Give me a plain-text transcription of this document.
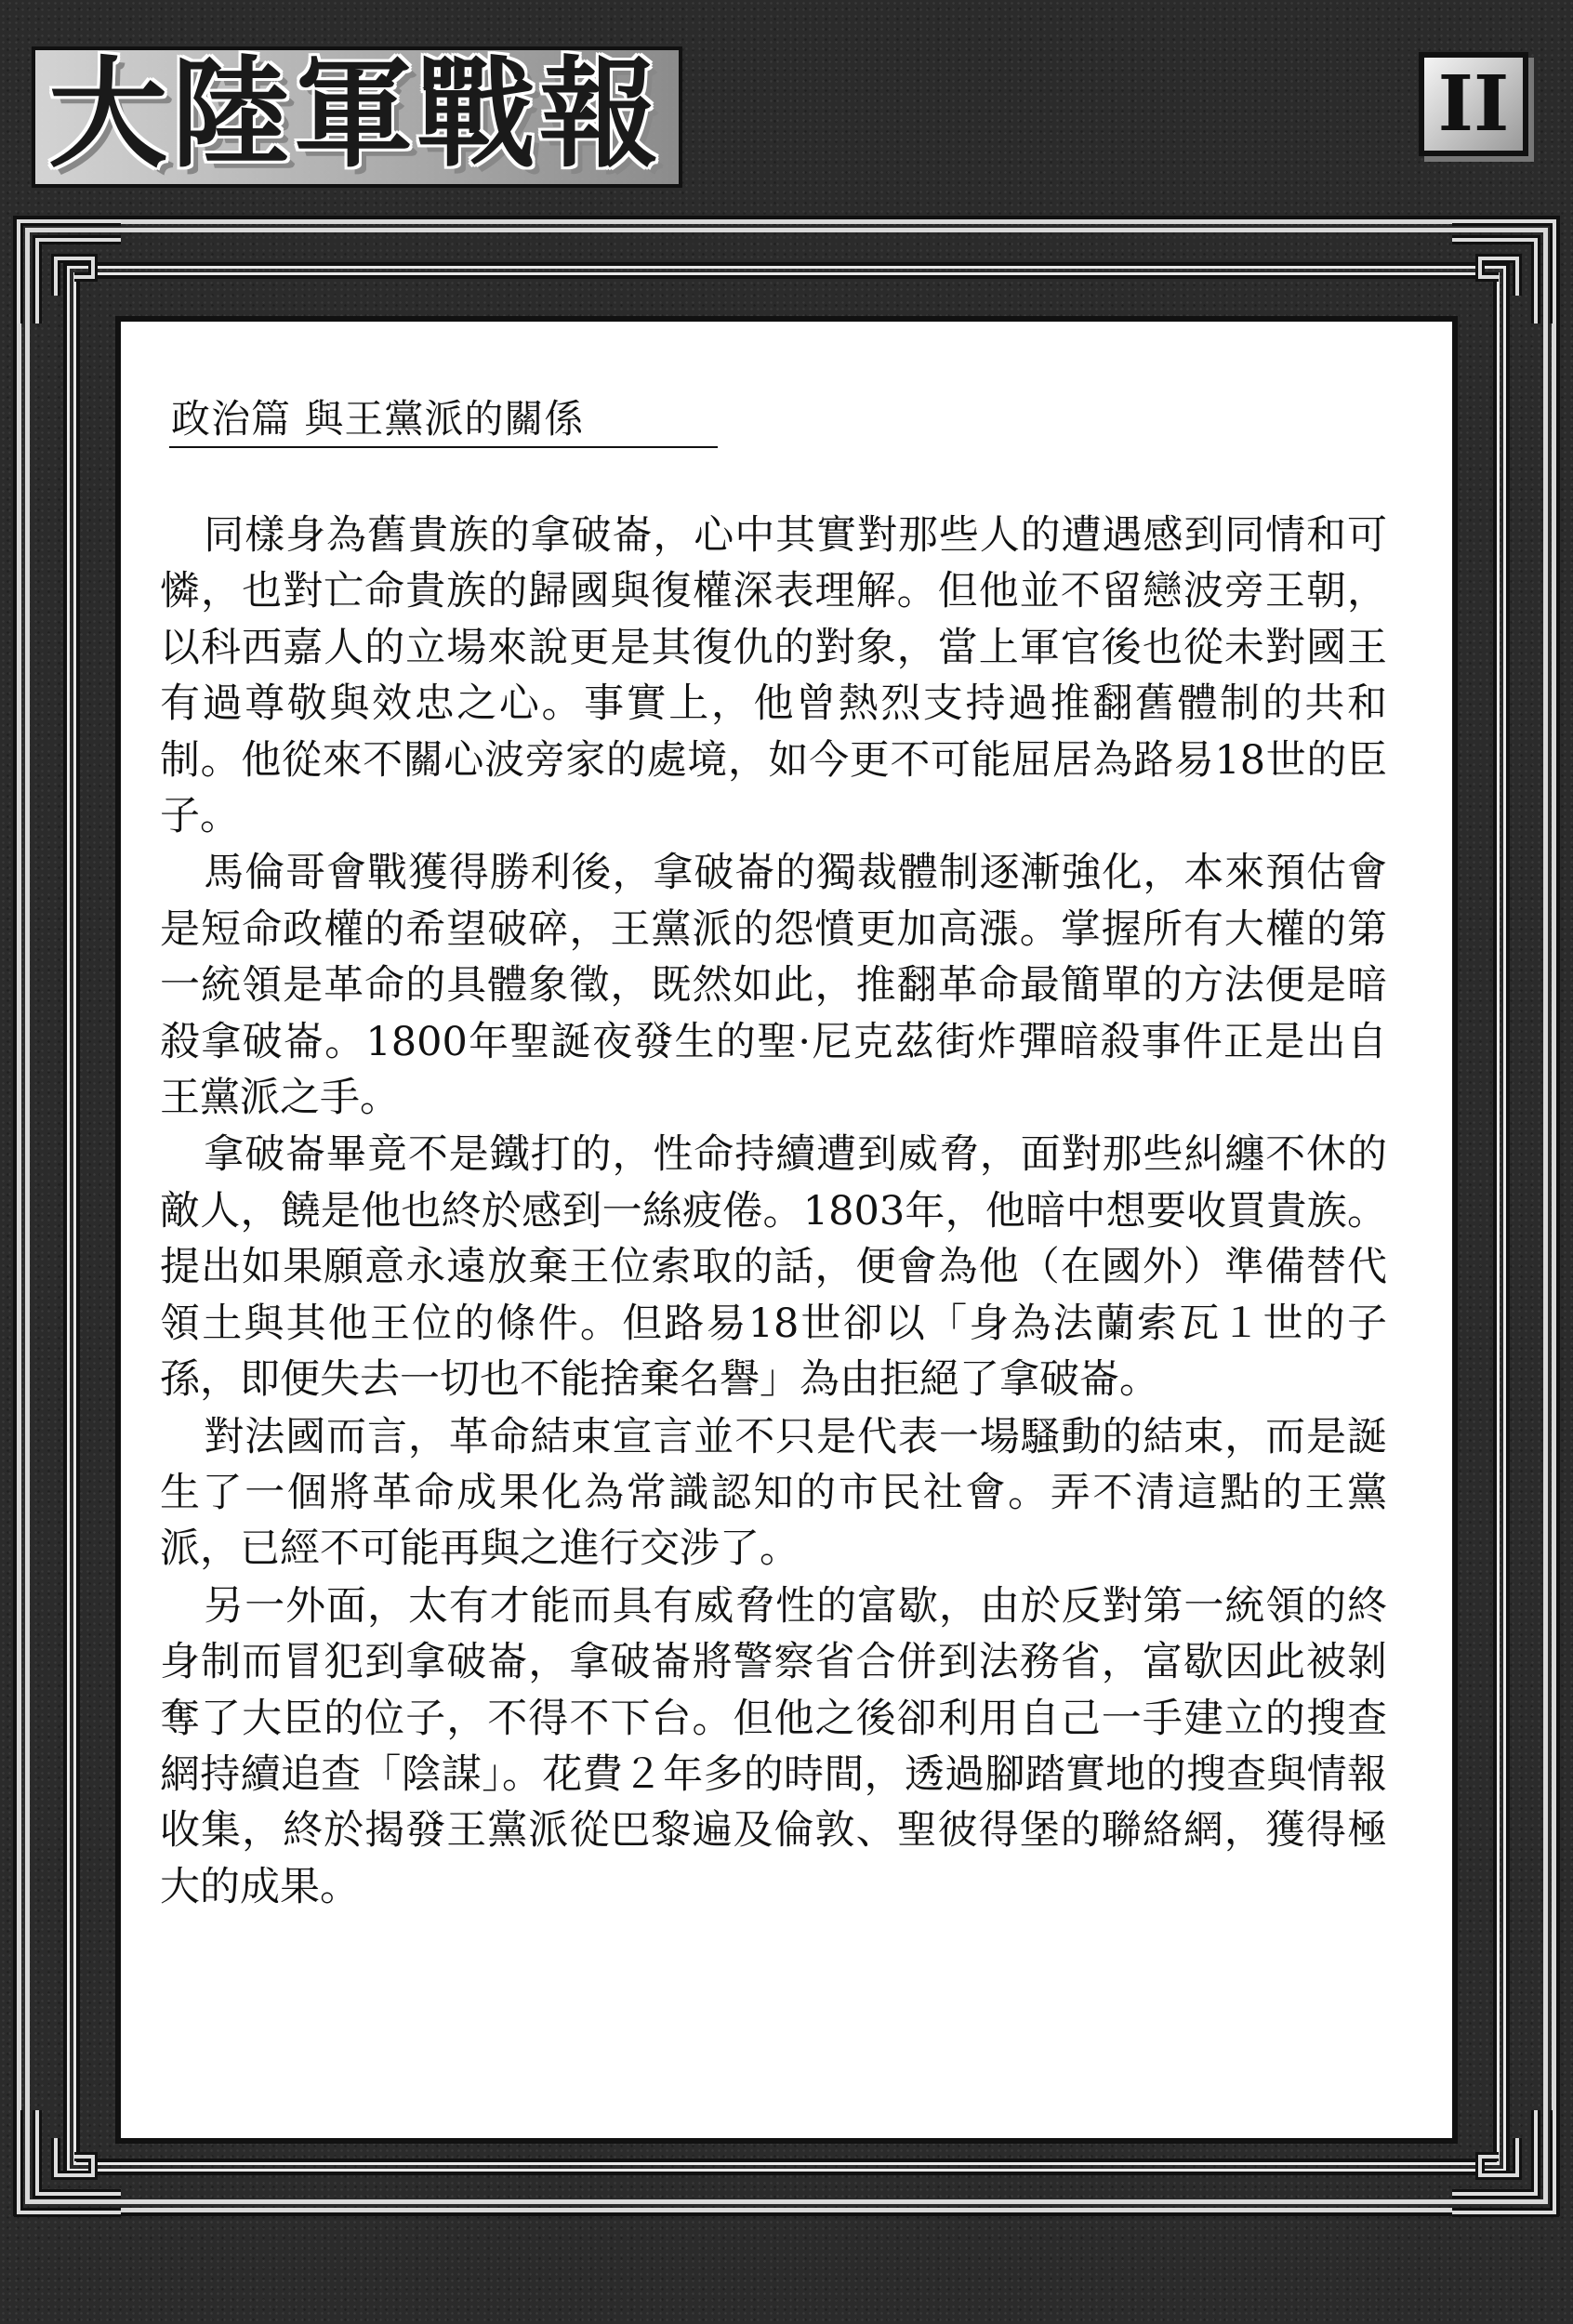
大陸軍戰報	II
政治篇 與王黨派的關係

同樣身為舊貴族的拿破崙，心中其實對那些人的遭遇感到同情和可憐，也對亡命貴族的歸國與復權深表理解。但他並不留戀波旁王朝，以科西嘉人的立場來說更是其復仇的對象，當上軍官後也從未對國王有過尊敬與效忠之心。事實上，他曾熱烈支持過推翻舊體制的共和制。他從來不關心波旁家的處境，如今更不可能屈居為路易18世的臣子。

馬倫哥會戰獲得勝利後，拿破崙的獨裁體制逐漸強化，本來預估會是短命政權的希望破碎，王黨派的怨憤更加高漲。掌握所有大權的第一統領是革命的具體象徵，既然如此，推翻革命最簡單的方法便是暗殺拿破崙。1800年聖誕夜發生的聖·尼克茲街炸彈暗殺事件正是出自王黨派之手。

拿破崙畢竟不是鐵打的，性命持續遭到威脅，面對那些糾纏不休的敵人，饒是他也終於感到一絲疲倦。1803年，他暗中想要收買貴族。提出如果願意永遠放棄王位索取的話，便會為他（在國外）準備替代領土與其他王位的條件。但路易18世卻以「身為法蘭索瓦１世的子孫，即便失去一切也不能捨棄名譽」為由拒絕了拿破崙。

對法國而言，革命結束宣言並不只是代表一場騷動的結束，而是誕生了一個將革命成果化為常識認知的市民社會。弄不清這點的王黨派，已經不可能再與之進行交涉了。

另一外面，太有才能而具有威脅性的富歇，由於反對第一統領的終身制而冒犯到拿破崙，拿破崙將警察省合併到法務省，富歇因此被剝奪了大臣的位子，不得不下台。但他之後卻利用自己一手建立的搜查網持續追查「陰謀」。花費２年多的時間，透過腳踏實地的搜查與情報收集，終於揭發王黨派從巴黎遍及倫敦、聖彼得堡的聯絡網，獲得極大的成果。
